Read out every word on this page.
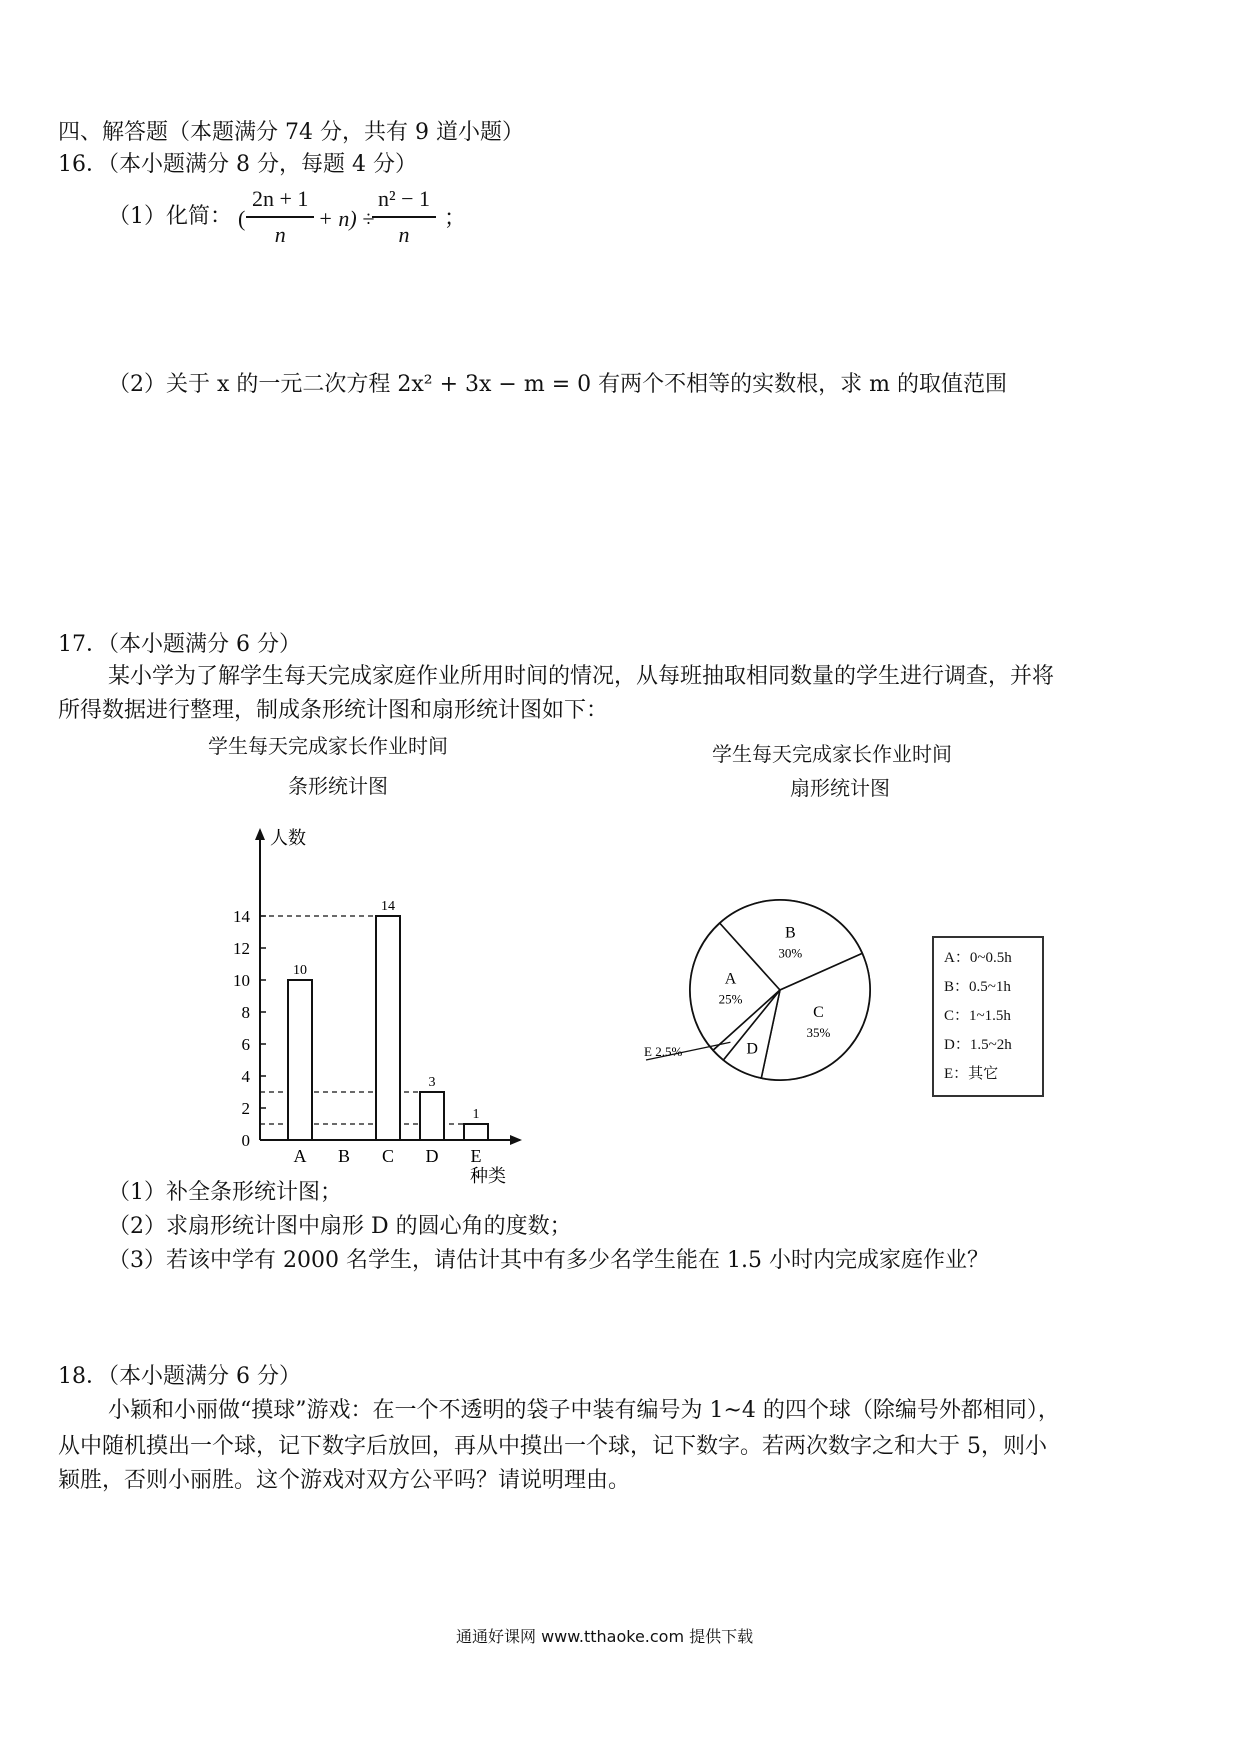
四、解答题（本题满分 74 分，共有 9 道小题）
16．（本小题满分 8 分，每题 4 分）
（1）化简： ( $\frac{2n + 1}{n} + n$) ÷
$\frac{\text{n² − 1}}{n}$ ；
（2）关于 x 的一元二次方程 2x² + 3x − m = 0 有两个不相等的实数根，求 m 的取值范围
17．（本小题满分 6 分）
某小学为了解学生每天完成家庭作业所用时间的情况，从每班抽取相同数量的学生进行调查，并将
所得数据进行整理，制成条形统计图和扇形统计图如下：
学生每天完成家长作业时间
条形统计图
学生每天完成家长作业时间
扇形统计图
人数
种类
0
2
4
6
8
10
12
14
10
A B
14
C
3
D
1
E
A
25%
B
30%
C
35%
D
E 2.5%
A：0~0.5h
B：0.5~1h
C：1~1.5h
D：1.5~2h
E：其它
（1）补全条形统计图；
（2）求扇形统计图中扇形 D 的圆心角的度数；
（3）若该中学有 2000 名学生，请估计其中有多少名学生能在 1.5 小时内完成家庭作业？
18．（本小题满分 6 分）
小颖和小丽做“摸球”游戏：在一个不透明的袋子中装有编号为 1~4 的四个球（除编号外都相同），
从中随机摸出一个球，记下数字后放回，再从中摸出一个球，记下数字。若两次数字之和大于 5，则小
颖胜，否则小丽胜。这个游戏对双方公平吗？请说明理由。
通通好课网 www.tthaoke.com 提供下载
